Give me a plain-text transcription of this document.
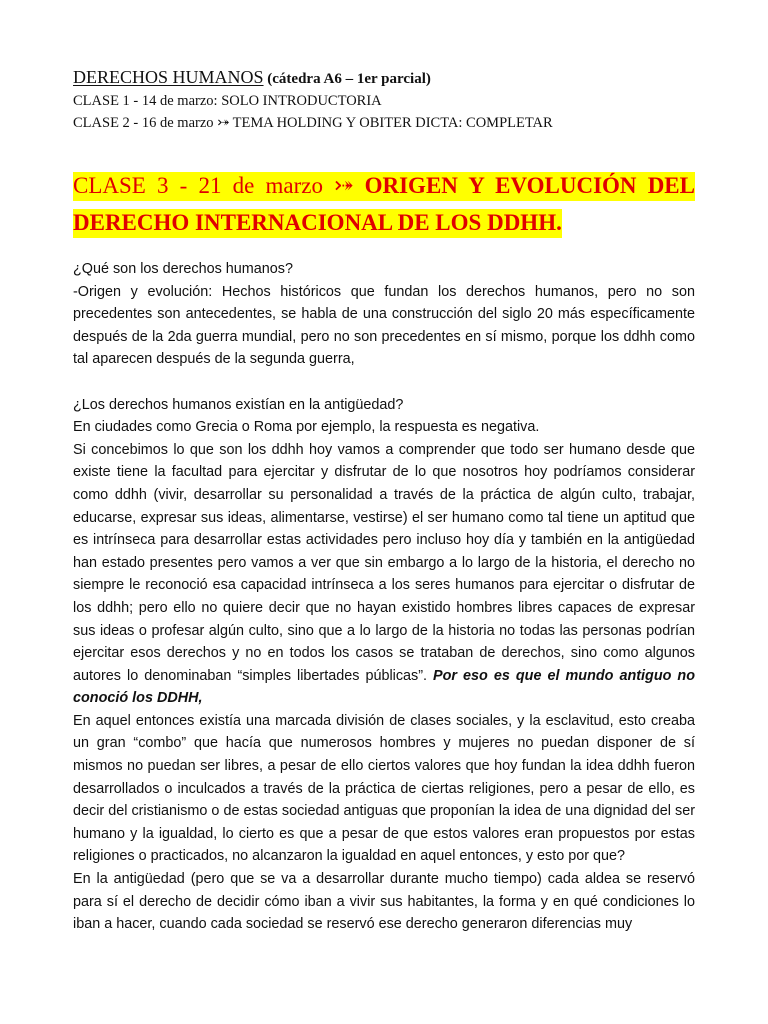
DERECHOS HUMANOS (cátedra A6 – 1er parcial)
CLASE 1 - 14 de marzo: SOLO INTRODUCTORIA
CLASE 2 - 16 de marzo ⤐ TEMA HOLDING Y OBITER DICTA: COMPLETAR
CLASE 3 - 21 de marzo ⤐ ORIGEN Y EVOLUCIÓN DEL DERECHO INTERNACIONAL DE LOS DDHH.

¿Qué son los derechos humanos?

-Origen y evolución: Hechos históricos que fundan los derechos humanos, pero no son precedentes son antecedentes, se habla de una construcción del siglo 20 más específicamente después de la 2da guerra mundial, pero no son precedentes en sí mismo, porque los ddhh como tal aparecen después de la segunda guerra,

¿Los derechos humanos existían en la antigüedad?

En ciudades como Grecia o Roma por ejemplo, la respuesta es negativa.

Si concebimos lo que son los ddhh hoy vamos a comprender que todo ser humano desde que existe tiene la facultad para ejercitar y disfrutar de lo que nosotros hoy podríamos considerar como ddhh (vivir, desarrollar su personalidad a través de la práctica de algún culto, trabajar, educarse, expresar sus ideas, alimentarse, vestirse) el ser humano como tal tiene un aptitud que es intrínseca para desarrollar estas actividades pero incluso hoy día y también en la antigüedad han estado presentes pero vamos a ver que sin embargo a lo largo de la historia, el derecho no siempre le reconoció esa capacidad intrínseca a los seres humanos para ejercitar o disfrutar de los ddhh; pero ello no quiere decir que no hayan existido hombres libres capaces de expresar sus ideas o profesar algún culto, sino que a lo largo de la historia no todas las personas podrían ejercitar esos derechos y no en todos los casos se trataban de derechos, sino como algunos autores lo denominaban “simples libertades públicas”. Por eso es que el mundo antiguo no conoció los DDHH,

En aquel entonces existía una marcada división de clases sociales, y la esclavitud, esto creaba un gran “combo” que hacía que numerosos hombres y mujeres no puedan disponer de sí mismos no puedan ser libres, a pesar de ello ciertos valores que hoy fundan la idea ddhh fueron desarrollados o inculcados a través de la práctica de ciertas religiones, pero a pesar de ello, es decir del cristianismo o de estas sociedad antiguas que proponían la idea de una dignidad del ser humano y la igualdad, lo cierto es que a pesar de que estos valores eran propuestos por estas religiones o practicados, no alcanzaron la igualdad en aquel entonces, y esto por que?

En la antigüedad (pero que se va a desarrollar durante mucho tiempo) cada aldea se reservó para sí el derecho de decidir cómo iban a vivir sus habitantes, la forma y en qué condiciones lo iban a hacer, cuando cada sociedad se reservó ese derecho generaron diferencias muy
